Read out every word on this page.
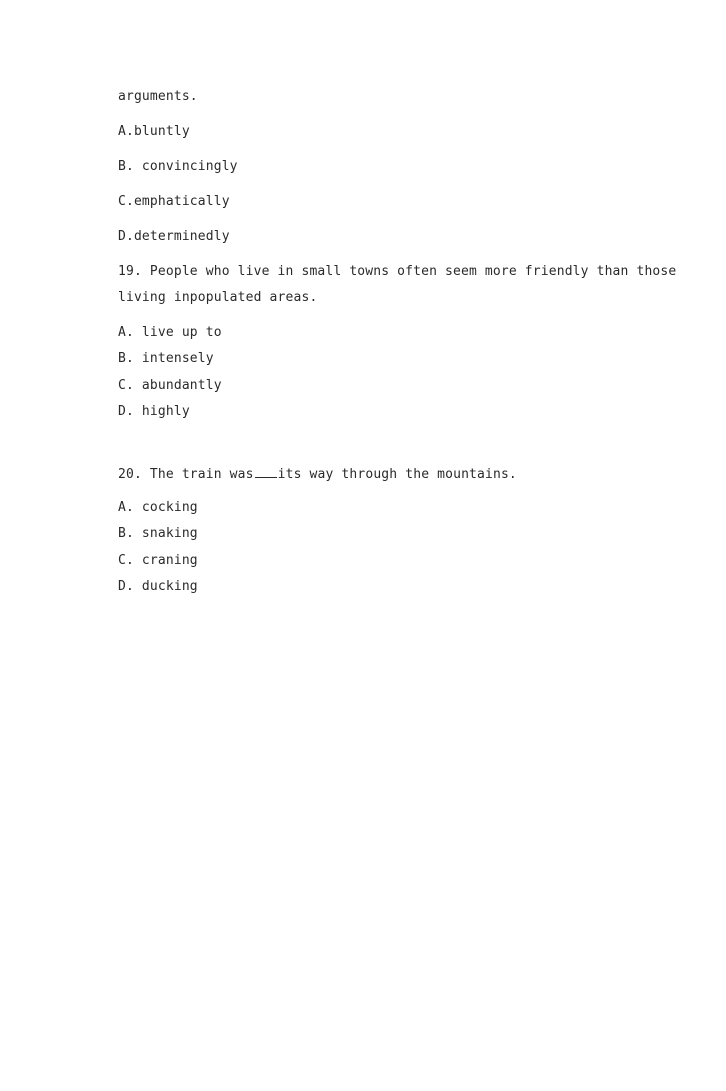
arguments.
A.bluntly
B. convincingly
C.emphatically
D.determinedly
19. People who live in small towns often seem more friendly than those
living inpopulated areas.
A. live up to
B. intensely
C. abundantly
D. highly
20. The train was its way through the mountains.
A. cocking
B. snaking
C. craning
D. ducking
